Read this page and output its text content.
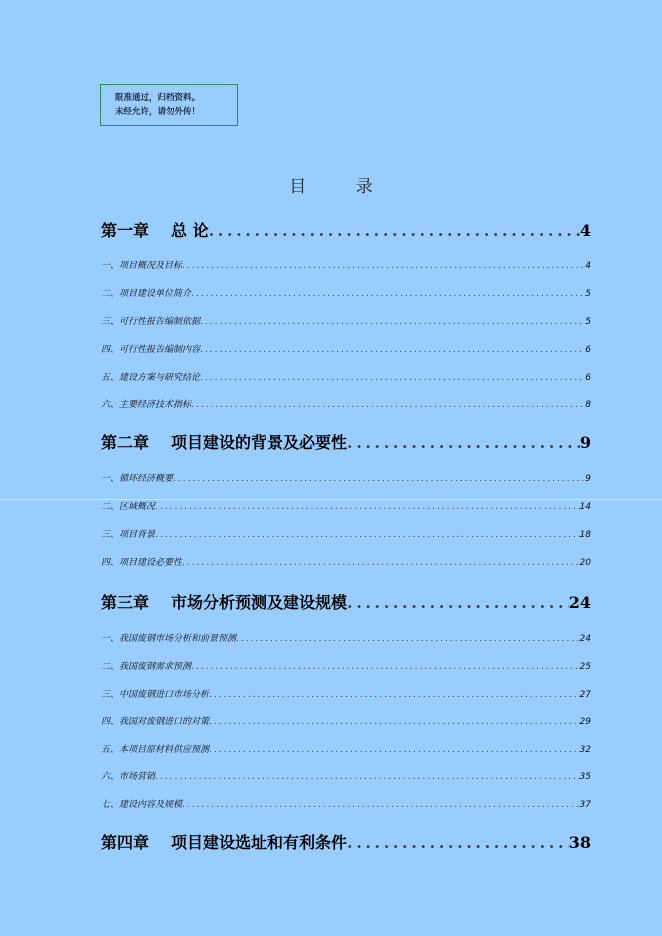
限准通过，归档资料。
未经允许，请勿外传！
目 录
第一章 总 论 .....	4
一、项目概况及目标 .....	4
二、项目建设单位简介 .....	5
三、可行性报告编制依据 .....	5
四、可行性报告编制内容 .....	6
五、建设方案与研究结论 .....	6
六、主要经济技术指标 .....	8
第二章 项目建设的背景及必要性 .....	9
一、循环经济概要 .....	9
二、区域概况 .....	14
三、项目背景 .....	18
四、项目建设必要性 .....	20
第三章 市场分析预测及建设规模 .....	24
一、我国废钢市场分析和前景预测 .....	24
二、我国废钢需求预测 .....	25
三、中国废钢进口市场分析 .....	27
四、我国对废钢进口的对策 .....	29
五、本项目原材料供应预测 .....	32
六、市场营销 .....	35
七、建设内容及规模 .....	37
第四章 项目建设选址和有利条件 .....	38
